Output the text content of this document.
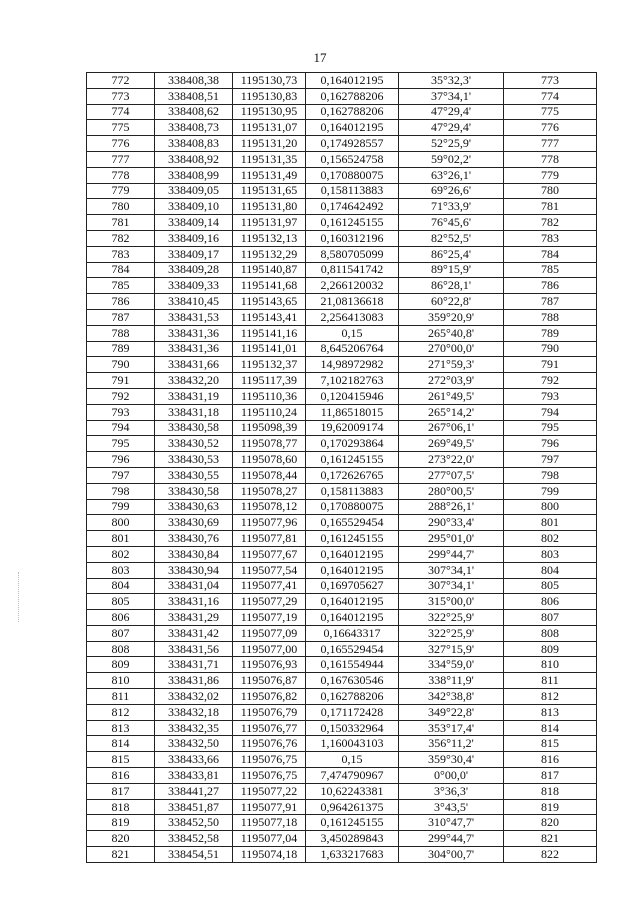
17
772	338408,38	1195130,73	0,164012195	35°32,3'	773
773	338408,51	1195130,83	0,162788206	37°34,1'	774
774	338408,62	1195130,95	0,162788206	47°29,4'	775
775	338408,73	1195131,07	0,164012195	47°29,4'	776
776	338408,83	1195131,20	0,174928557	52°25,9'	777
777	338408,92	1195131,35	0,156524758	59°02,2'	778
778	338408,99	1195131,49	0,170880075	63°26,1'	779
779	338409,05	1195131,65	0,158113883	69°26,6'	780
780	338409,10	1195131,80	0,174642492	71°33,9'	781
781	338409,14	1195131,97	0,161245155	76°45,6'	782
782	338409,16	1195132,13	0,160312196	82°52,5'	783
783	338409,17	1195132,29	8,580705099	86°25,4'	784
784	338409,28	1195140,87	0,811541742	89°15,9'	785
785	338409,33	1195141,68	2,266120032	86°28,1'	786
786	338410,45	1195143,65	21,08136618	60°22,8'	787
787	338431,53	1195143,41	2,256413083	359°20,9'	788
788	338431,36	1195141,16	0,15	265°40,8'	789
789	338431,36	1195141,01	8,645206764	270°00,0'	790
790	338431,66	1195132,37	14,98972982	271°59,3'	791
791	338432,20	1195117,39	7,102182763	272°03,9'	792
792	338431,19	1195110,36	0,120415946	261°49,5'	793
793	338431,18	1195110,24	11,86518015	265°14,2'	794
794	338430,58	1195098,39	19,62009174	267°06,1'	795
795	338430,52	1195078,77	0,170293864	269°49,5'	796
796	338430,53	1195078,60	0,161245155	273°22,0'	797
797	338430,55	1195078,44	0,172626765	277°07,5'	798
798	338430,58	1195078,27	0,158113883	280°00,5'	799
799	338430,63	1195078,12	0,170880075	288°26,1'	800
800	338430,69	1195077,96	0,165529454	290°33,4'	801
801	338430,76	1195077,81	0,161245155	295°01,0'	802
802	338430,84	1195077,67	0,164012195	299°44,7'	803
803	338430,94	1195077,54	0,164012195	307°34,1'	804
804	338431,04	1195077,41	0,169705627	307°34,1'	805
805	338431,16	1195077,29	0,164012195	315°00,0'	806
806	338431,29	1195077,19	0,164012195	322°25,9'	807
807	338431,42	1195077,09	0,16643317	322°25,9'	808
808	338431,56	1195077,00	0,165529454	327°15,9'	809
809	338431,71	1195076,93	0,161554944	334°59,0'	810
810	338431,86	1195076,87	0,167630546	338°11,9'	811
811	338432,02	1195076,82	0,162788206	342°38,8'	812
812	338432,18	1195076,79	0,171172428	349°22,8'	813
813	338432,35	1195076,77	0,150332964	353°17,4'	814
814	338432,50	1195076,76	1,160043103	356°11,2'	815
815	338433,66	1195076,75	0,15	359°30,4'	816
816	338433,81	1195076,75	7,474790967	0°00,0'	817
817	338441,27	1195077,22	10,62243381	3°36,3'	818
818	338451,87	1195077,91	0,964261375	3°43,5'	819
819	338452,50	1195077,18	0,161245155	310°47,7'	820
820	338452,58	1195077,04	3,450289843	299°44,7'	821
821	338454,51	1195074,18	1,633217683	304°00,7'	822
